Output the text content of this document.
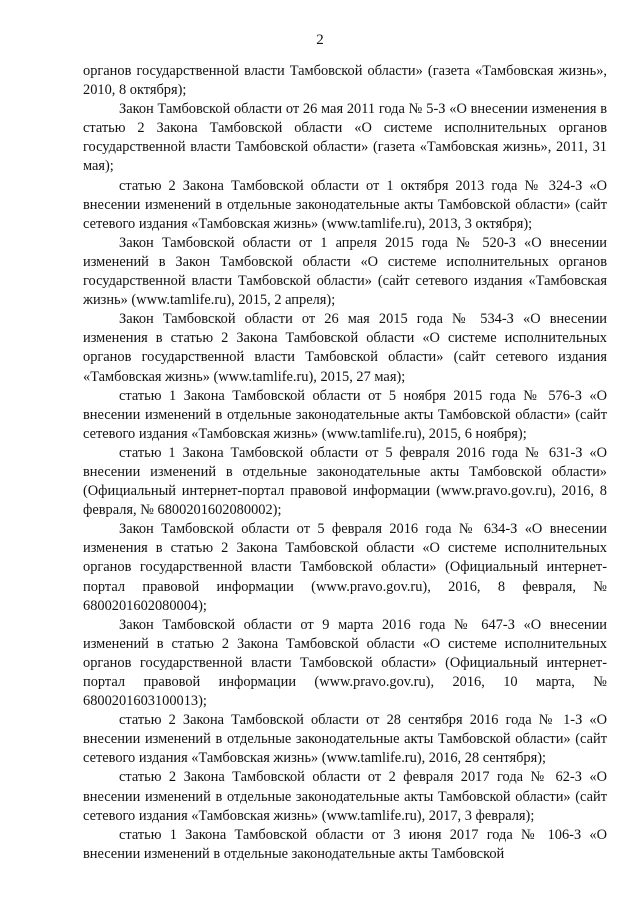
2

органов государственной власти Тамбовской области» (газета «Тамбовская жизнь», 2010, 8 октября);

Закон Тамбовской области от 26 мая 2011 года № 5-З «О внесении изменения в статью 2 Закона Тамбовской области «О системе исполнительных органов государственной власти Тамбовской области» (газета «Тамбовская жизнь», 2011, 31 мая);

статью 2 Закона Тамбовской области от 1 октября 2013 года № 324-З «О внесении изменений в отдельные законодательные акты Тамбовской области» (сайт сетевого издания «Тамбовская жизнь» (www.tamlife.ru), 2013, 3 октября);

Закон Тамбовской области от 1 апреля 2015 года № 520-З «О внесении изменений в Закон Тамбовской области «О системе исполнительных органов государственной власти Тамбовской области» (сайт сетевого издания «Тамбовская жизнь» (www.tamlife.ru), 2015, 2 апреля);

Закон Тамбовской области от 26 мая 2015 года № 534-З «О внесении изменения в статью 2 Закона Тамбовской области «О системе исполнительных органов государственной власти Тамбовской области» (сайт сетевого издания «Тамбовская жизнь» (www.tamlife.ru), 2015, 27 мая);

статью 1 Закона Тамбовской области от 5 ноября 2015 года № 576-З «О внесении изменений в отдельные законодательные акты Тамбовской области» (сайт сетевого издания «Тамбовская жизнь» (www.tamlife.ru), 2015, 6 ноября);

статью 1 Закона Тамбовской области от 5 февраля 2016 года № 631-З «О внесении изменений в отдельные законодательные акты Тамбовской области» (Официальный интернет-портал правовой информации (www.pravo.gov.ru), 2016, 8 февраля, № 6800201602080002);

Закон Тамбовской области от 5 февраля 2016 года № 634-З «О внесении изменения в статью 2 Закона Тамбовской области «О системе исполнительных органов государственной власти Тамбовской области» (Официальный интернет-портал правовой информации (www.pravo.gov.ru), 2016, 8 февраля, № 6800201602080004);

Закон Тамбовской области от 9 марта 2016 года № 647-З «О внесении изменений в статью 2 Закона Тамбовской области «О системе исполнительных органов государственной власти Тамбовской области» (Официальный интернет-портал правовой информации (www.pravo.gov.ru), 2016, 10 марта, № 6800201603100013);

статью 2 Закона Тамбовской области от 28 сентября 2016 года № 1-З «О внесении изменений в отдельные законодательные акты Тамбовской области» (сайт сетевого издания «Тамбовская жизнь» (www.tamlife.ru), 2016, 28 сентября);

статью 2 Закона Тамбовской области от 2 февраля 2017 года № 62-З «О внесении изменений в отдельные законодательные акты Тамбовской области» (сайт сетевого издания «Тамбовская жизнь» (www.tamlife.ru), 2017, 3 февраля);

статью 1 Закона Тамбовской области от 3 июня 2017 года № 106-З «О внесении изменений в отдельные законодательные акты Тамбовской
